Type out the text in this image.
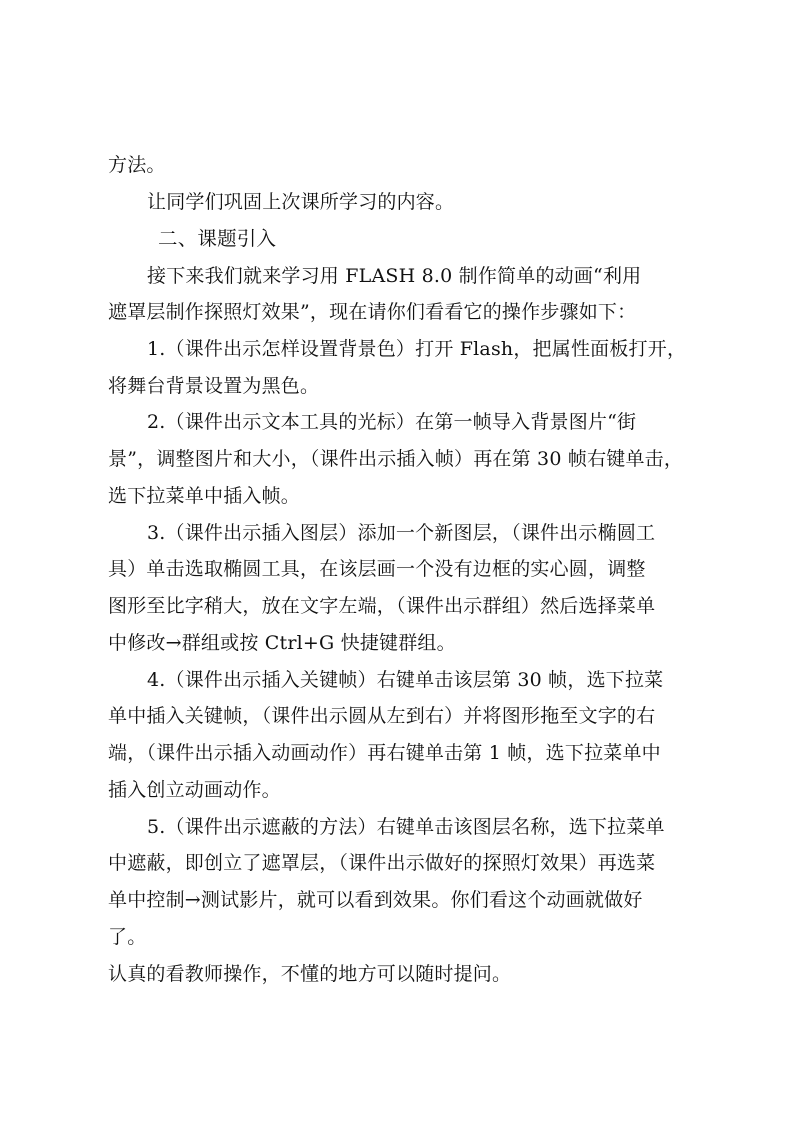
方法。
让同学们巩固上次课所学习的内容。
二、课题引入
接下来我们就来学习用 FLASH 8.0 制作简单的动画“利用
遮罩层制作探照灯效果”，现在请你们看看它的操作步骤如下：
1.（课件出示怎样设置背景色）打开 Flash，把属性面板打开，
将舞台背景设置为黑色。
2.（课件出示文本工具的光标）在第一帧导入背景图片“街
景”，调整图片和大小，（课件出示插入帧）再在第 30 帧右键单击，
选下拉菜单中插入帧。
3.（课件出示插入图层）添加一个新图层，（课件出示椭圆工
具）单击选取椭圆工具，在该层画一个没有边框的实心圆，调整
图形至比字稍大，放在文字左端，（课件出示群组）然后选择菜单
中修改→群组或按 Ctrl+G 快捷键群组。
4.（课件出示插入关键帧）右键单击该层第 30 帧，选下拉菜
单中插入关键帧，（课件出示圆从左到右）并将图形拖至文字的右
端，（课件出示插入动画动作）再右键单击第 1 帧，选下拉菜单中
插入创立动画动作。
5.（课件出示遮蔽的方法）右键单击该图层名称，选下拉菜单
中遮蔽，即创立了遮罩层，（课件出示做好的探照灯效果）再选菜
单中控制→测试影片，就可以看到效果。你们看这个动画就做好
了。
认真的看教师操作，不懂的地方可以随时提问。
